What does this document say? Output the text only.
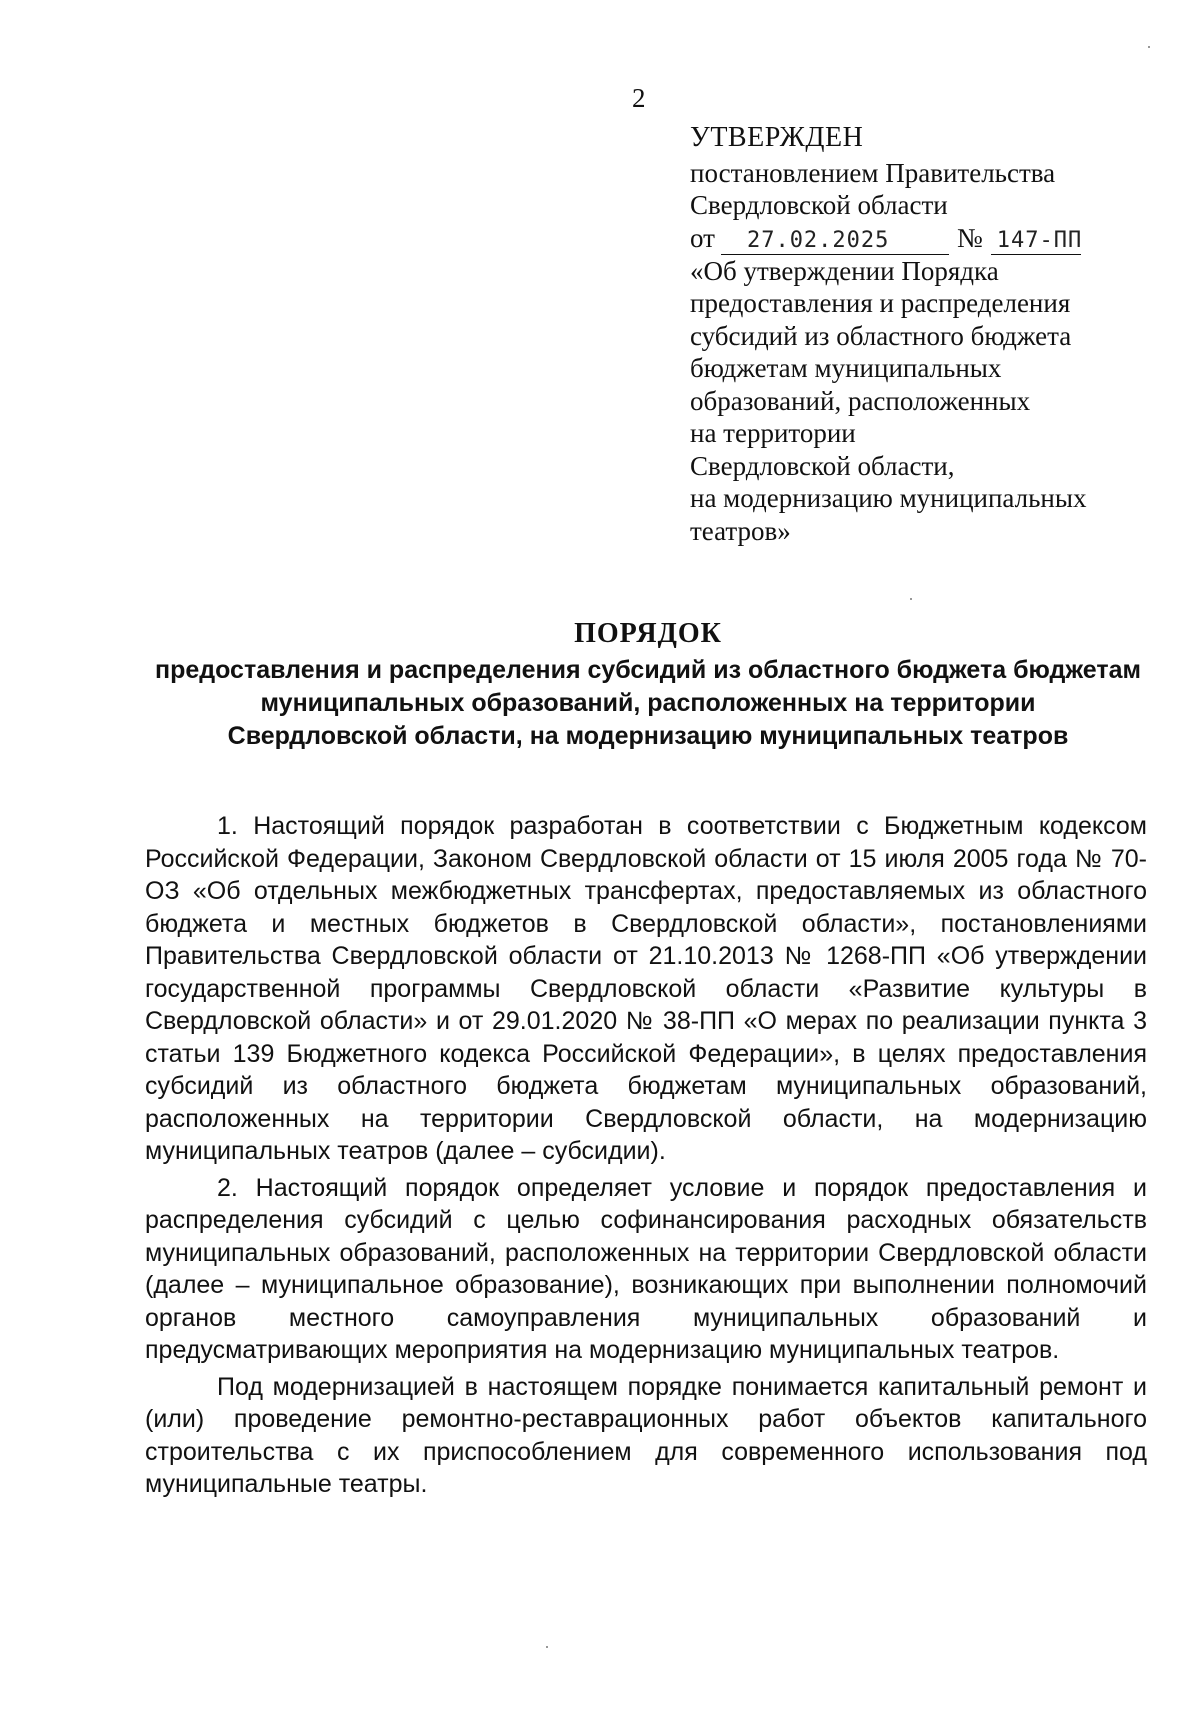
2
УТВЕРЖДЕН
постановлением Правительства
Свердловской области
от	27.02.2025	№ 147-ПП
«Об утверждении Порядка
предоставления и распределения
субсидий из областного бюджета
бюджетам муниципальных
образований, расположенных
на территории
Свердловской области,
на модернизацию муниципальных
театров»
ПОРЯДОК
предоставления и распределения субсидий из областного бюджета бюджетам
муниципальных образований, расположенных на территории
Свердловской области, на модернизацию муниципальных театров

1. Настоящий порядок разработан в соответствии с Бюджетным кодексом Российской Федерации, Законом Свердловской области от 15 июля 2005 года № 70-ОЗ «Об отдельных межбюджетных трансфертах, предоставляемых из областного бюджета и местных бюджетов в Свердловской области», постановлениями Правительства Свердловской области от 21.10.2013 № 1268-ПП «Об утверждении государственной программы Свердловской области «Развитие культуры в Свердловской области» и от 29.01.2020 № 38-ПП «О мерах по реализации пункта 3 статьи 139 Бюджетного кодекса Российской Федерации», в целях предоставления субсидий из областного бюджета бюджетам муниципальных образований, расположенных на территории Свердловской области, на модернизацию муниципальных театров (далее – субсидии).

2. Настоящий порядок определяет условие и порядок предоставления и распределения субсидий с целью софинансирования расходных обязательств муниципальных образований, расположенных на территории Свердловской области (далее – муниципальное образование), возникающих при выполнении полномочий органов местного самоуправления муниципальных образований и предусматривающих мероприятия на модернизацию муниципальных театров.

Под модернизацией в настоящем порядке понимается капитальный ремонт и (или) проведение ремонтно-реставрационных работ объектов капитального строительства с их приспособлением для современного использования под муниципальные театры.
